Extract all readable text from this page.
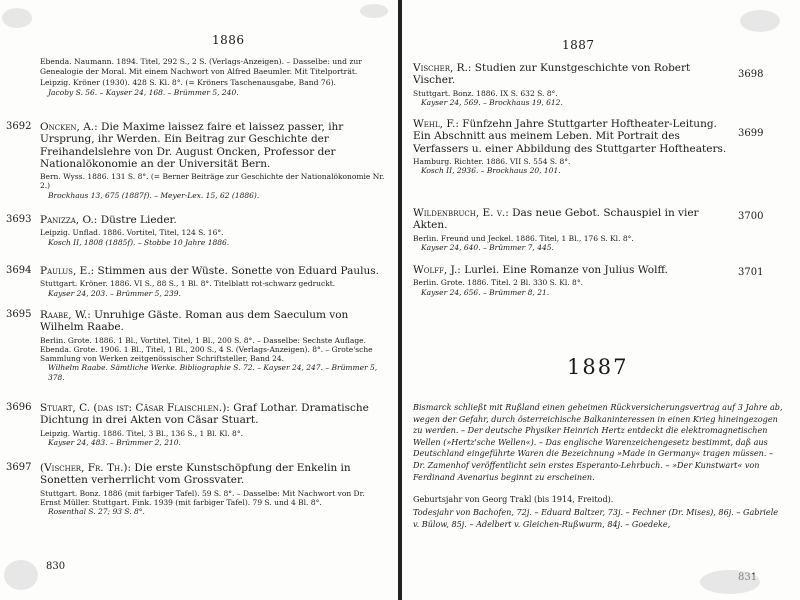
1886
Ebenda. Naumann. 1894. Titel, 292 S., 2 S. (Verlags-Anzeigen). – Dasselbe: und zur Genealogie der Moral. Mit einem Nachwort von Alfred Baeumler. Mit Titelporträt. Leipzig. Kröner (1930). 428 S. Kl. 8°. (= Kröners Taschenausgabe, Band 76).
Jacoby S. 56. – Kayser 24, 168. – Brümmer 5, 240.
3692 Oncken, A.: Die Maxime laissez faire et laissez passer, ihr Ursprung, ihr Werden. Ein Beitrag zur Geschichte der Freihandelslehre von Dr. August Oncken, Professor der Nationalökonomie an der Universität Bern.
Bern. Wyss. 1886. 131 S. 8°. (= Berner Beiträge zur Geschichte der Nationalökonomie Nr. 2.)
Brockhaus 13, 675 (1887f). – Meyer-Lex. 15, 62 (1886).
3693 Panizza, O.: Düstre Lieder.
Leipzig. Unflad. 1886. Vortitel, Titel, 124 S. 16°.
Kosch II, 1808 (1885f). – Stobbe 10 Jahre 1886.
3694 Paulus, E.: Stimmen aus der Wüste. Sonette von Eduard Paulus.
Stuttgart. Kröner. 1886. VI S., 88 S., 1 Bl. 8°. Titelblatt rot-schwarz gedruckt.
Kayser 24, 203. – Brümmer 5, 239.
3695 Raabe, W.: Unruhige Gäste. Roman aus dem Saeculum von Wilhelm Raabe.
Berlin. Grote. 1886. 1 Bl., Vortitel, Titel, 1 Bl., 200 S. 8°. – Dasselbe: Sechste Auflage. Ebenda. Grote. 1906. 1 Bl., Titel, 1 Bl., 200 S., 4 S. (Verlags-Anzeigen). 8°. – Grote'sche Sammlung von Werken zeitgenössischer Schriftsteller, Band 24.
Wilhelm Raabe. Sämtliche Werke. Bibliographie S. 72. – Kayser 24, 247. – Brümmer 5, 378.
3696 Stuart, C. (das ist: Cäsar Flaischlen.): Graf Lothar. Dramatische Dichtung in drei Akten von Cäsar Stuart.
Leipzig. Wartig. 1886. Titel, 3 Bl., 136 S., 1 Bl. Kl. 8°.
Kayser 24, 483. – Brümmer 2, 210.
3697 (Vischer, Fr. Th.): Die erste Kunstschöpfung der Enkelin in Sonetten verherrlicht vom Grossvater.
Stuttgart. Bonz. 1886 (mit farbiger Tafel). 59 S. 8°. – Dasselbe: Mit Nachwort von Dr. Ernst Müller. Stuttgart. Fink. 1939 (mit farbiger Tafel). 79 S. und 4 Bl. 8°.
Rosenthal S. 27; 93 S. 8°.
830
1887
Vischer, R.: Studien zur Kunstgeschichte von Robert Vischer.
Stuttgart. Bonz. 1886. IX S. 632 S. 8°.
Kayser 24, 569. – Brockhaus 19, 612.
3698
Wehl, F.: Fünfzehn Jahre Stuttgarter Hoftheater-Leitung. Ein Abschnitt aus meinem Leben. Mit Portrait des Verfassers u. einer Abbildung des Stuttgarter Hoftheaters.
Hamburg. Richter. 1886. VII S. 554 S. 8°.
Kosch II, 2936. – Brockhaus 20, 101.
3699
Wildenbruch, E. v.: Das neue Gebot. Schauspiel in vier Akten.
Berlin. Freund und Jeckel. 1886. Titel, 1 Bl., 176 S. Kl. 8°.
Kayser 24, 640. – Brümmer 7, 445.
3700
Wolff, J.: Lurlei. Eine Romanze von Julius Wolff.
Berlin. Grote. 1886. Titel. 2 Bl. 330 S. Kl. 8°.
Kayser 24, 656. – Brümmer 8, 21.
3701
1887
Bismarck schließt mit Rußland einen geheimen Rückversicherungsvertrag auf 3 Jahre ab, wegen der Gefahr, durch österreichische Balkaninteressen in einen Krieg hineingezogen zu werden. – Der deutsche Physiker Heinrich Hertz entdeckt die elektromagnetischen Wellen (»Hertz'sche Wellen«). – Das englische Warenzeichengesetz bestimmt, daß aus Deutschland eingeführte Waren die Bezeichnung »Made in Germany« tragen müssen. – Dr. Zamenhof veröffentlicht sein erstes Esperanto-Lehrbuch. – »Der Kunstwart« von Ferdinand Avenarius beginnt zu erscheinen.
Geburtsjahr von Georg Trakl (bis 1914, Freitod).
Todesjahr von Bachofen, 72j. – Eduard Baltzer, 73j. – Fechner (Dr. Mises), 86j. – Gabriele v. Bülow, 85j. – Adelbert v. Gleichen-Rußwurm, 84j. – Goedeke,
